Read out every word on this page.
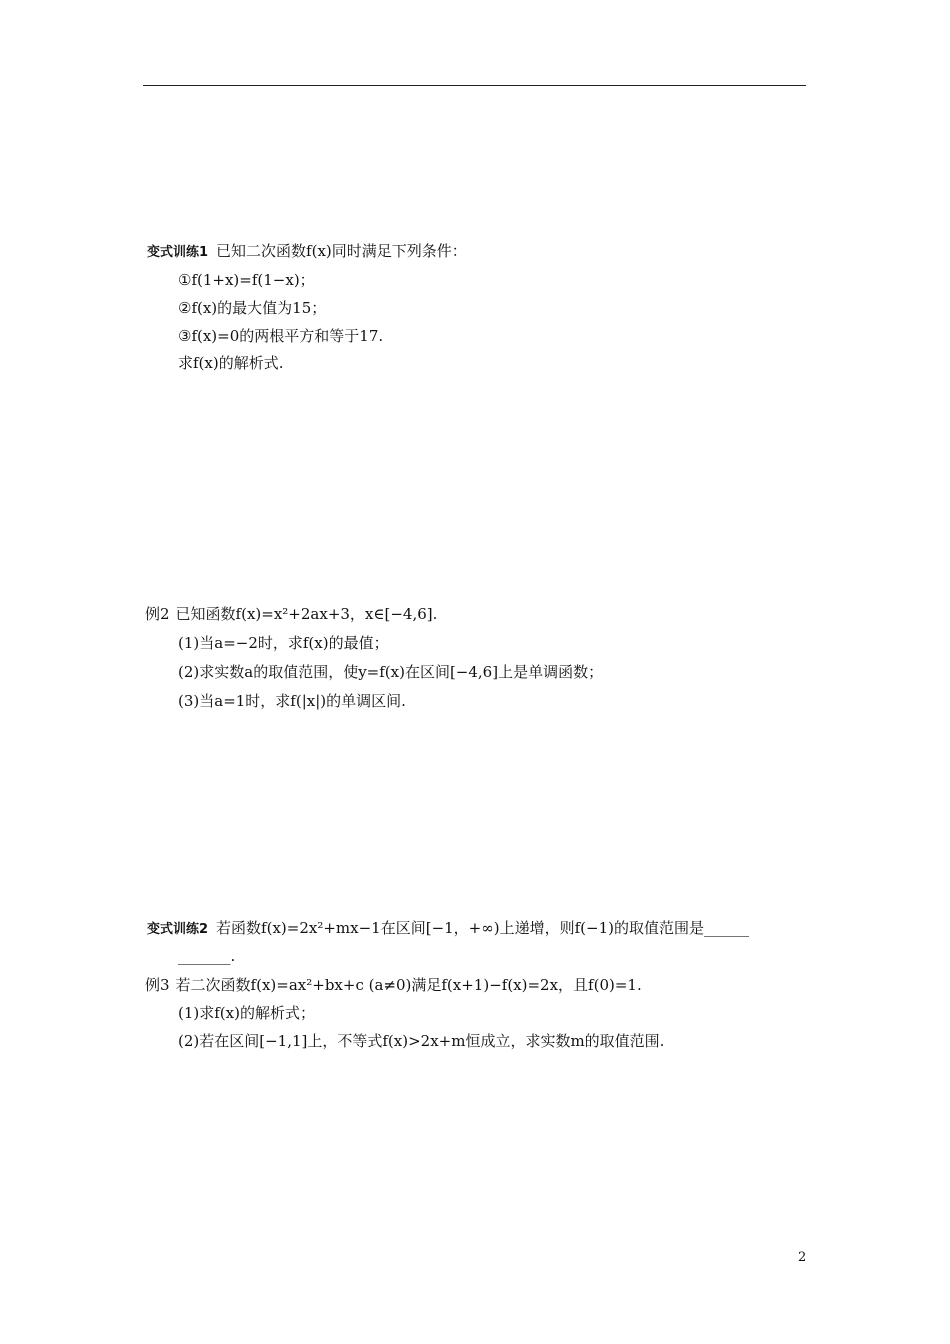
变式训练1 已知二次函数f(x)同时满足下列条件：
①f(1+x)=f(1−x)；
②f(x)的最大值为15；
③f(x)=0的两根平方和等于17.
求f(x)的解析式.
例2 已知函数f(x)=x²+2ax+3，x∈[−4,6].
(1)当a=−2时，求f(x)的最值；
(2)求实数a的取值范围，使y=f(x)在区间[−4,6]上是单调函数；
(3)当a=1时，求f(|x|)的单调区间.
变式训练2 若函数f(x)=2x²+mx−1在区间[−1，+∞)上递增，则f(−1)的取值范围是______
_______.
例3 若二次函数f(x)=ax²+bx+c (a≠0)满足f(x+1)−f(x)=2x，且f(0)=1.
(1)求f(x)的解析式；
(2)若在区间[−1,1]上，不等式f(x)>2x+m恒成立，求实数m的取值范围.
2
